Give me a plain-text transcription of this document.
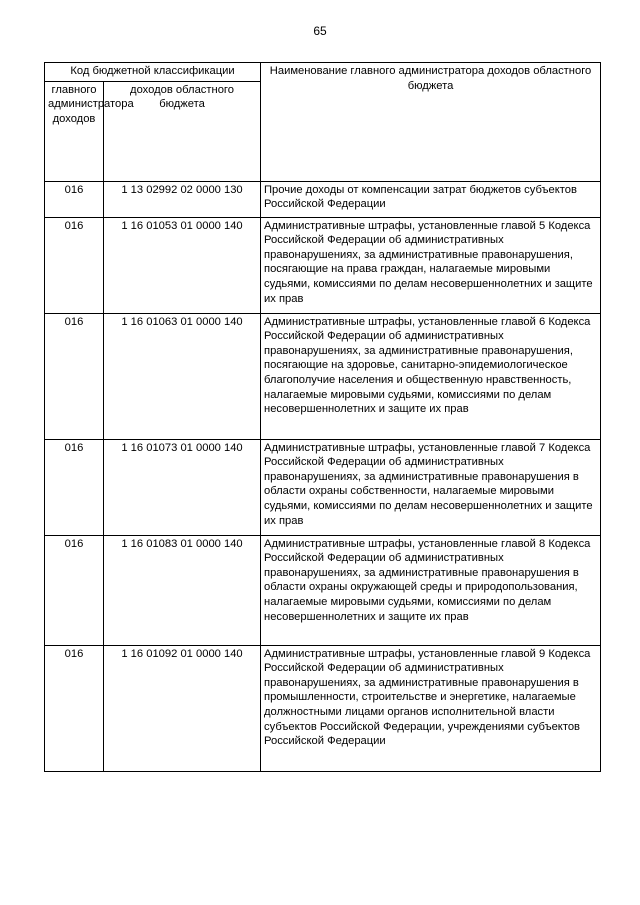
65
Код бюджетной классификации		Наименование главного администратора доходов областного бюджета
главного администратора доходов	доходов областного бюджета	
016	1 13 02992 02 0000 130	Прочие доходы от компенсации затрат бюджетов субъектов Российской Федерации
016	1 16 01053 01 0000 140	Административные штрафы, установленные главой 5 Кодекса Российской Федерации об административных правонарушениях, за административные правонарушения, посягающие на права граждан, налагаемые мировыми судьями, комиссиями по делам несовершеннолетних и защите их прав
016	1 16 01063 01 0000 140	Административные штрафы, установленные главой 6 Кодекса Российской Федерации об административных правонарушениях, за административные правонарушения, посягающие на здоровье, санитарно-эпидемиологическое благополучие населения и общественную нравственность, налагаемые мировыми судьями, комиссиями по делам несовершеннолетних и защите их прав
016	1 16 01073 01 0000 140	Административные штрафы, установленные главой 7 Кодекса Российской Федерации об административных правонарушениях, за административные правонарушения в области охраны собственности, налагаемые мировыми судьями, комиссиями по делам несовершеннолетних и защите их прав
016	1 16 01083 01 0000 140	Административные штрафы, установленные главой 8 Кодекса Российской Федерации об административных правонарушениях, за административные правонарушения в области охраны окружающей среды и природопользования, налагаемые мировыми судьями, комиссиями по делам несовершеннолетних и защите их прав
016	1 16 01092 01 0000 140	Административные штрафы, установленные главой 9 Кодекса Российской Федерации об административных правонарушениях, за административные правонарушения в промышленности, строительстве и энергетике, налагаемые должностными лицами органов исполнительной власти субъектов Российской Федерации, учреждениями субъектов Российской Федерации
